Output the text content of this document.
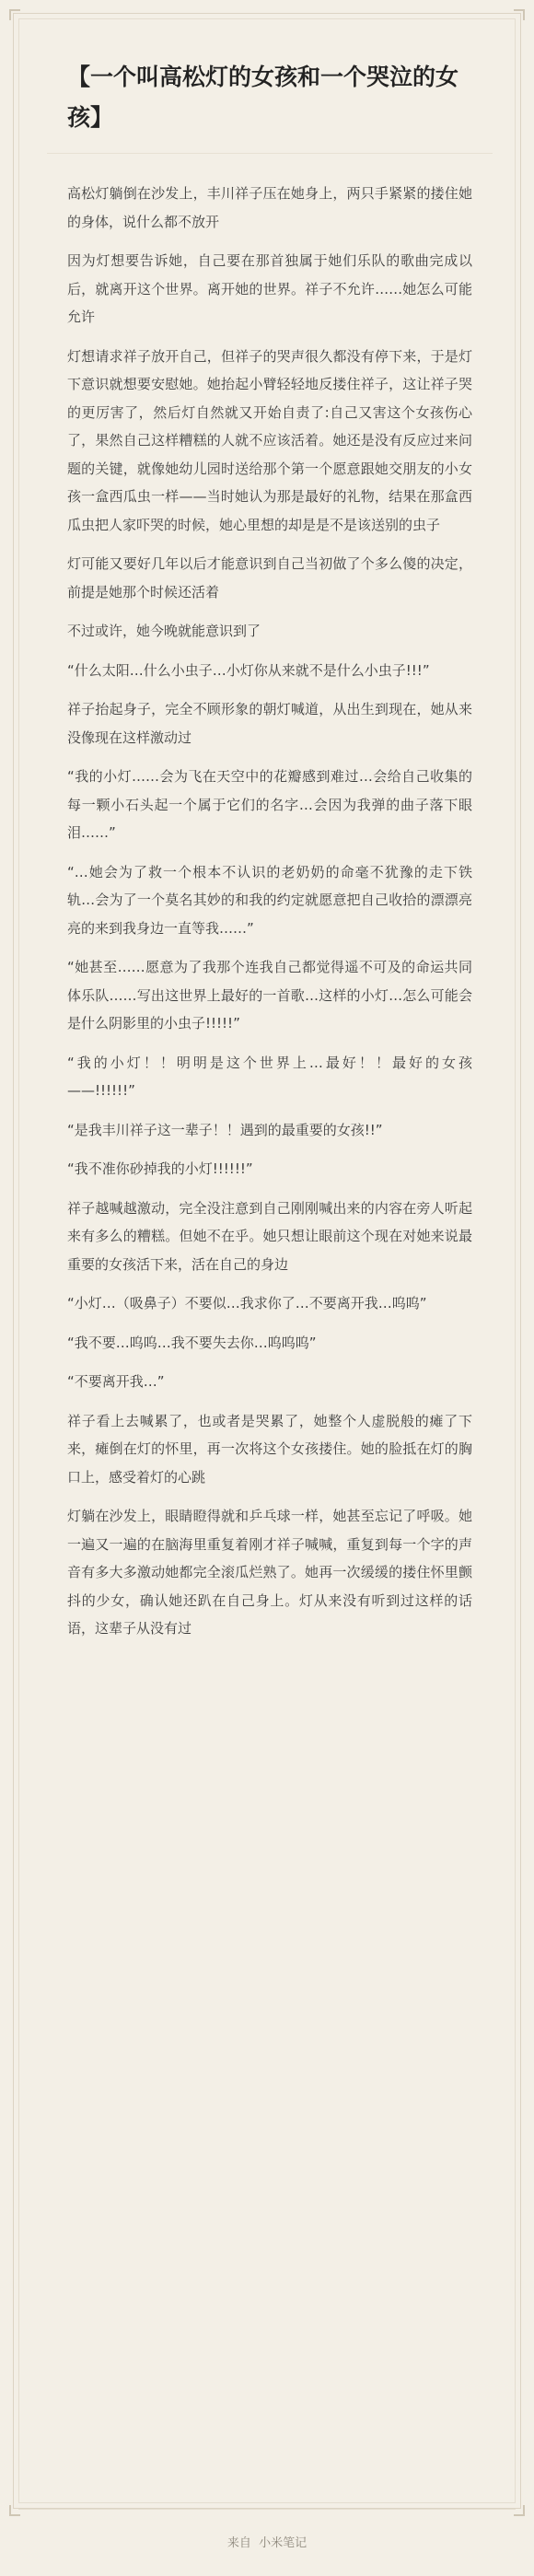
【一个叫高松灯的女孩和一个哭泣的女孩】

高松灯躺倒在沙发上，丰川祥子压在她身上，两只手紧紧的搂住她的身体，说什么都不放开

因为灯想要告诉她，自己要在那首独属于她们乐队的歌曲完成以后，就离开这个世界。离开她的世界。祥子不允许……她怎么可能允许

灯想请求祥子放开自己，但祥子的哭声很久都没有停下来，于是灯下意识就想要安慰她。她抬起小臂轻轻地反搂住祥子，这让祥子哭的更厉害了，然后灯自然就又开始自责了:自己又害这个女孩伤心了，果然自己这样糟糕的人就不应该活着。她还是没有反应过来问题的关键，就像她幼儿园时送给那个第一个愿意跟她交朋友的小女孩一盒西瓜虫一样——当时她认为那是最好的礼物，结果在那盒西瓜虫把人家吓哭的时候，她心里想的却是是不是该送别的虫子

灯可能又要好几年以后才能意识到自己当初做了个多么傻的决定，前提是她那个时候还活着

不过或许，她今晚就能意识到了

“什么太阳…什么小虫子…小灯你从来就不是什么小虫子!!!”

祥子抬起身子，完全不顾形象的朝灯喊道，从出生到现在，她从来没像现在这样激动过

“我的小灯……会为飞在天空中的花瓣感到难过…会给自己收集的每一颗小石头起一个属于它们的名字…会因为我弹的曲子落下眼泪……”

“…她会为了救一个根本不认识的老奶奶的命毫不犹豫的走下铁轨…会为了一个莫名其妙的和我的约定就愿意把自己收拾的漂漂亮亮的来到我身边一直等我……”

“她甚至……愿意为了我那个连我自己都觉得遥不可及的命运共同体乐队……写出这世界上最好的一首歌…这样的小灯…怎么可能会是什么阴影里的小虫子!!!!!”

“我的小灯！！明明是这个世界上…最好！！最好的女孩——!!!!!!”

“是我丰川祥子这一辈子！！遇到的最重要的女孩!!”

“我不准你砂掉我的小灯!!!!!!”

祥子越喊越激动，完全没注意到自己刚刚喊出来的内容在旁人听起来有多么的糟糕。但她不在乎。她只想让眼前这个现在对她来说最重要的女孩活下来，活在自己的身边

“小灯…（吸鼻子）不要似…我求你了…不要离开我…呜呜”

“我不要…呜呜…我不要失去你…呜呜呜”

“不要离开我…”

祥子看上去喊累了，也或者是哭累了，她整个人虚脱般的瘫了下来，瘫倒在灯的怀里，再一次将这个女孩搂住。她的脸抵在灯的胸口上，感受着灯的心跳

灯躺在沙发上，眼睛瞪得就和乒乓球一样，她甚至忘记了呼吸。她一遍又一遍的在脑海里重复着刚才祥子喊喊，重复到每一个字的声音有多大多激动她都完全滚瓜烂熟了。她再一次缓缓的搂住怀里颤抖的少女，确认她还趴在自己身上。灯从来没有听到过这样的话语，这辈子从没有过

来自 小米笔记
